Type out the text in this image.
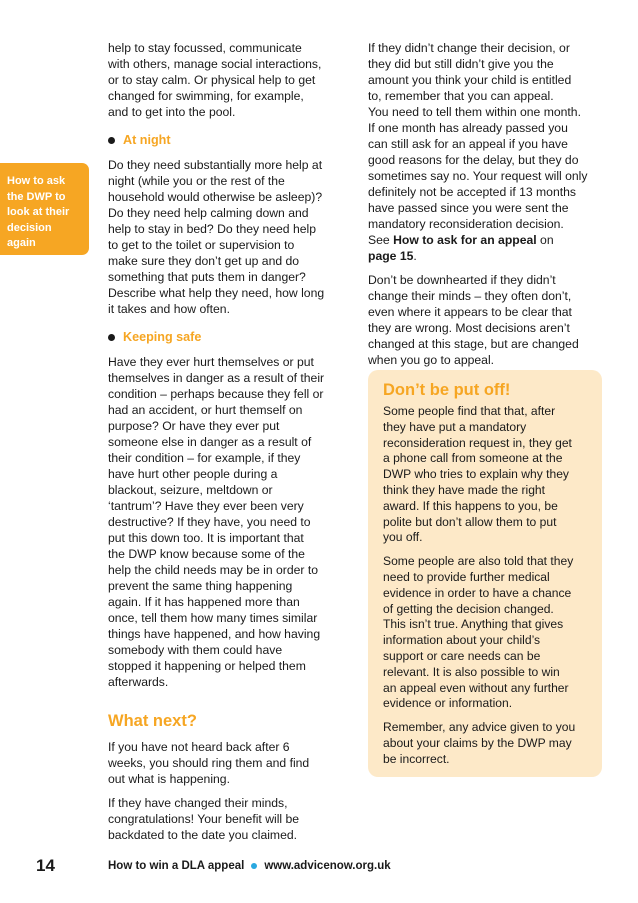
How to ask
the DWP to
look at their
decision
again
help to stay focussed, communicate
with others, manage social interactions,
or to stay calm. Or physical help to get
changed for swimming, for example,
and to get into the pool.
At night
Do they need substantially more help at
night (while you or the rest of the
household would otherwise be asleep)?
Do they need help calming down and
help to stay in bed? Do they need help
to get to the toilet or supervision to
make sure they don’t get up and do
something that puts them in danger?
Describe what help they need, how long
it takes and how often.
Keeping safe
Have they ever hurt themselves or put
themselves in danger as a result of their
condition – perhaps because they fell or
had an accident, or hurt themself on
purpose? Or have they ever put
someone else in danger as a result of
their condition – for example, if they
have hurt other people during a
blackout, seizure, meltdown or
‘tantrum’? Have they ever been very
destructive? If they have, you need to
put this down too. It is important that
the DWP know because some of the
help the child needs may be in order to
prevent the same thing happening
again. If it has happened more than
once, tell them how many times similar
things have happened, and how having
somebody with them could have
stopped it happening or helped them
afterwards.
What next?
If you have not heard back after 6
weeks, you should ring them and find
out what is happening.
If they have changed their minds,
congratulations! Your benefit will be
backdated to the date you claimed.
If they didn’t change their decision, or
they did but still didn’t give you the
amount you think your child is entitled
to, remember that you can appeal.
You need to tell them within one month.
If one month has already passed you
can still ask for an appeal if you have
good reasons for the delay, but they do
sometimes say no. Your request will only
definitely not be accepted if 13 months
have passed since you were sent the
mandatory reconsideration decision.
See How to ask for an appeal on
page 15.
Don’t be downhearted if they didn’t
change their minds – they often don’t,
even where it appears to be clear that
they are wrong. Most decisions aren’t
changed at this stage, but are changed
when you go to appeal.
Don’t be put off!
Some people find that that, after
they have put a mandatory
reconsideration request in, they get
a phone call from someone at the
DWP who tries to explain why they
think they have made the right
award. If this happens to you, be
polite but don’t allow them to put
you off.
Some people are also told that they
need to provide further medical
evidence in order to have a chance
of getting the decision changed.
This isn’t true. Anything that gives
information about your child’s
support or care needs can be
relevant. It is also possible to win
an appeal even without any further
evidence or information.
Remember, any advice given to you
about your claims by the DWP may
be incorrect.
14	How to win a DLA appeal www.advicenow.org.uk
